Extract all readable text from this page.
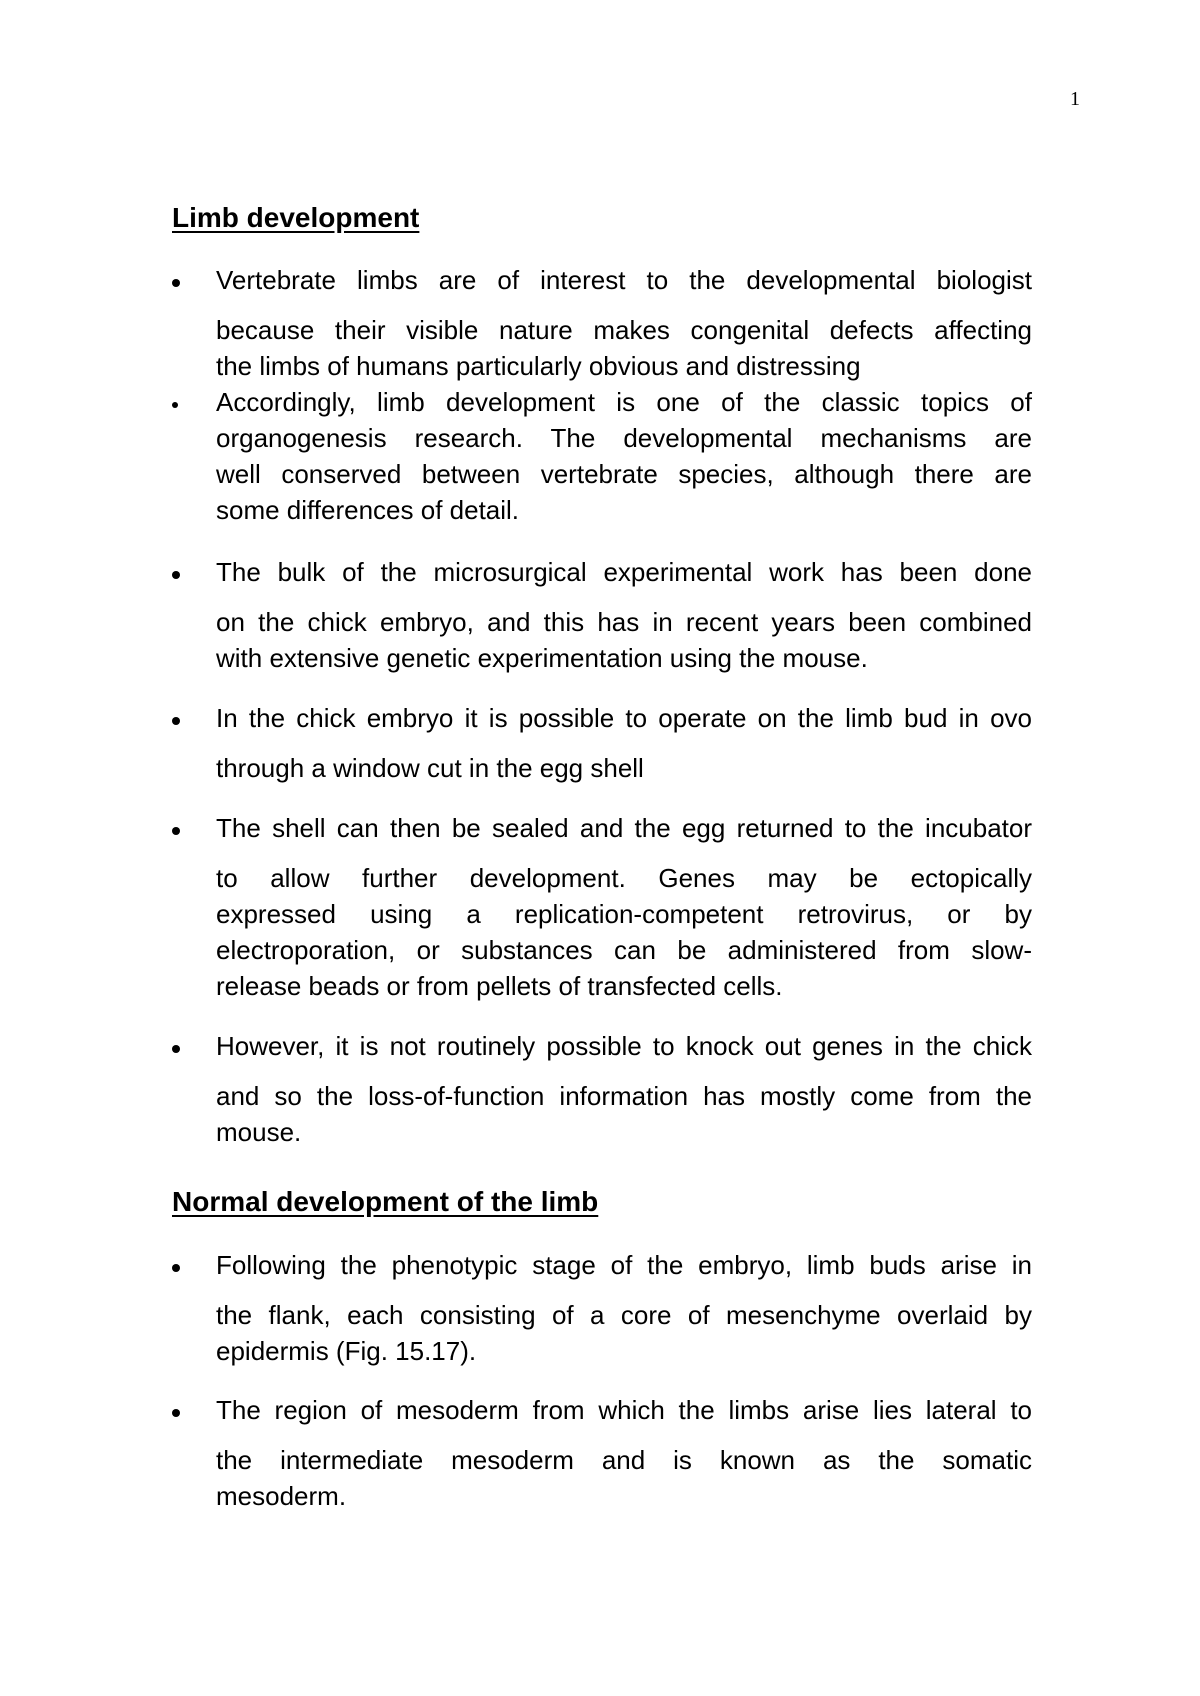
1
Limb development
Vertebrate limbs are of interest to the developmental biologist
because their visible nature makes congenital defects affecting
the limbs of humans particularly obvious and distressing
Accordingly, limb development is one of the classic topics of
organogenesis research. The developmental mechanisms are
well conserved between vertebrate species, although there are
some differences of detail.
The bulk of the microsurgical experimental work has been done
on the chick embryo, and this has in recent years been combined
with extensive genetic experimentation using the mouse.
In the chick embryo it is possible to operate on the limb bud in ovo
through a window cut in the egg shell
The shell can then be sealed and the egg returned to the incubator
to allow further development. Genes may be ectopically
expressed using a replication-competent retrovirus, or by
electroporation, or substances can be administered from slow-
release beads or from pellets of transfected cells.
However, it is not routinely possible to knock out genes in the chick
and so the loss-of-function information has mostly come from the
mouse.
Normal development of the limb
Following the phenotypic stage of the embryo, limb buds arise in
the flank, each consisting of a core of mesenchyme overlaid by
epidermis (Fig. 15.17).
The region of mesoderm from which the limbs arise lies lateral to
the intermediate mesoderm and is known as the somatic
mesoderm.
